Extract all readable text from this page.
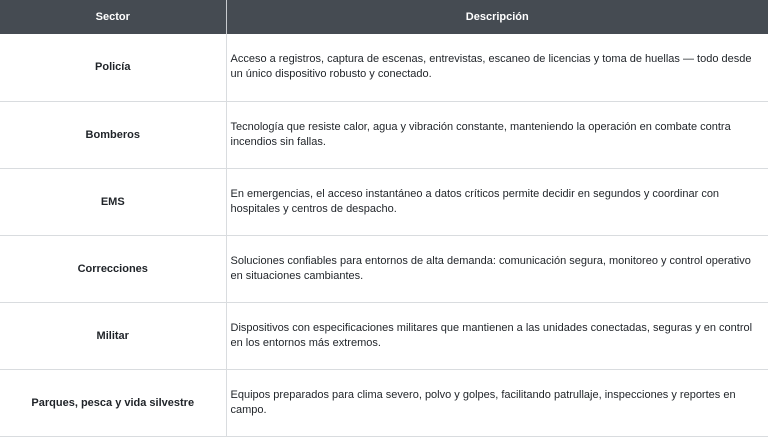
Sector	Descripción
Policía	Acceso a registros, captura de escenas, entrevistas, escaneo de licencias y toma de huellas — todo desde un único dispositivo robusto y conectado.
Bomberos	Tecnología que resiste calor, agua y vibración constante, manteniendo la operación en combate contra incendios sin fallas.
EMS	En emergencias, el acceso instantáneo a datos críticos permite decidir en segundos y coordinar con hospitales y centros de despacho.
Correcciones	Soluciones confiables para entornos de alta demanda: comunicación segura, monitoreo y control operativo en situaciones cambiantes.
Militar	Dispositivos con especificaciones militares que mantienen a las unidades conectadas, seguras y en control en los entornos más extremos.
Parques, pesca y vida silvestre	Equipos preparados para clima severo, polvo y golpes, facilitando patrullaje, inspecciones y reportes en campo.
